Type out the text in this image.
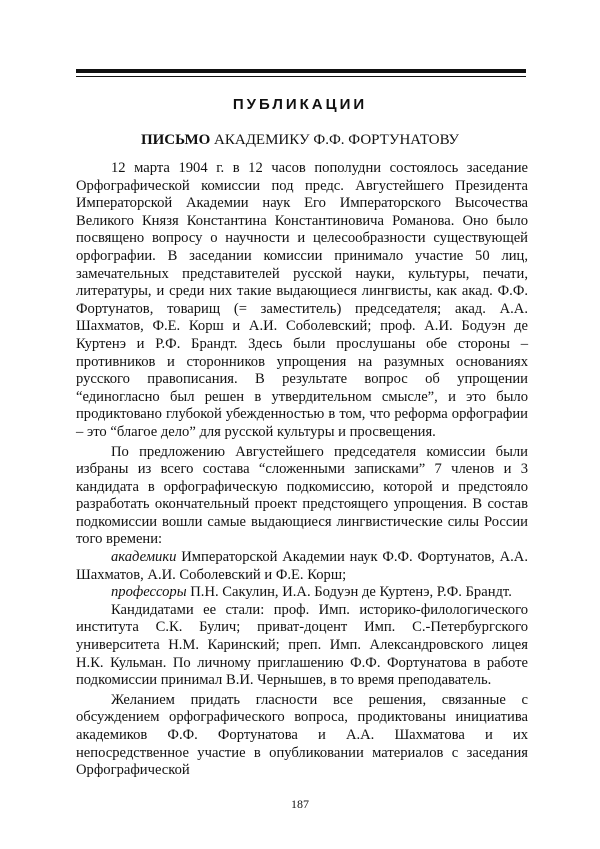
ПУБЛИКАЦИИ
ПИСЬМО АКАДЕМИКУ Ф.Ф. ФОРТУНАТОВУ

12 марта 1904 г. в 12 часов пополудни состоялось заседание Орфографической комиссии под предс. Августейшего Президента Императорской Академии наук Его Императорского Высочества Великого Князя Константина Константиновича Романова. Оно было посвящено вопросу о научности и целесообразности существующей орфографии. В заседании комиссии принимало участие 50 лиц, замечательных представителей русской науки, культуры, печати, литературы, и среди них такие выдающиеся лингвисты, как акад. Ф.Ф. Фортунатов, товарищ (= заместитель) председателя; акад. А.А. Шахматов, Ф.Е. Корш и А.И. Соболевский; проф. А.И. Бодуэн де Куртенэ и Р.Ф. Брандт. Здесь были прослушаны обе стороны – противников и сторонников упрощения на разумных основаниях русского правописания. В результате вопрос об упрощении “единогласно был решен в утвердительном смысле”, и это было продиктовано глубокой убежденностью в том, что реформа орфографии – это “благое дело” для русской культуры и просвещения.

По предложению Августейшего председателя комиссии были избраны из всего состава “сложенными записками” 7 членов и 3 кандидата в орфографическую подкомиссию, которой и предстояло разработать окончательный проект предстоящего упрощения. В состав подкомиссии вошли самые выдающиеся лингвистические силы России того времени:

академики Императорской Академии наук Ф.Ф. Фортунатов, А.А. Шахматов, А.И. Соболевский и Ф.Е. Корш;

профессоры П.Н. Сакулин, И.А. Бодуэн де Куртенэ, Р.Ф. Брандт.

Кандидатами ее стали: проф. Имп. историко-филологического института С.К. Булич; приват-доцент Имп. С.-Петербургского университета Н.М. Каринский; преп. Имп. Александровского лицея Н.К. Кульман. По личному приглашению Ф.Ф. Фортунатова в работе подкомиссии принимал В.И. Чернышев, в то время преподаватель.

Желанием придать гласности все решения, связанные с обсуждением орфографического вопроса, продиктованы инициатива академиков Ф.Ф. Фортунатова и А.А. Шахматова и их непосредственное участие в опубликовании материалов с заседания Орфографической

187
